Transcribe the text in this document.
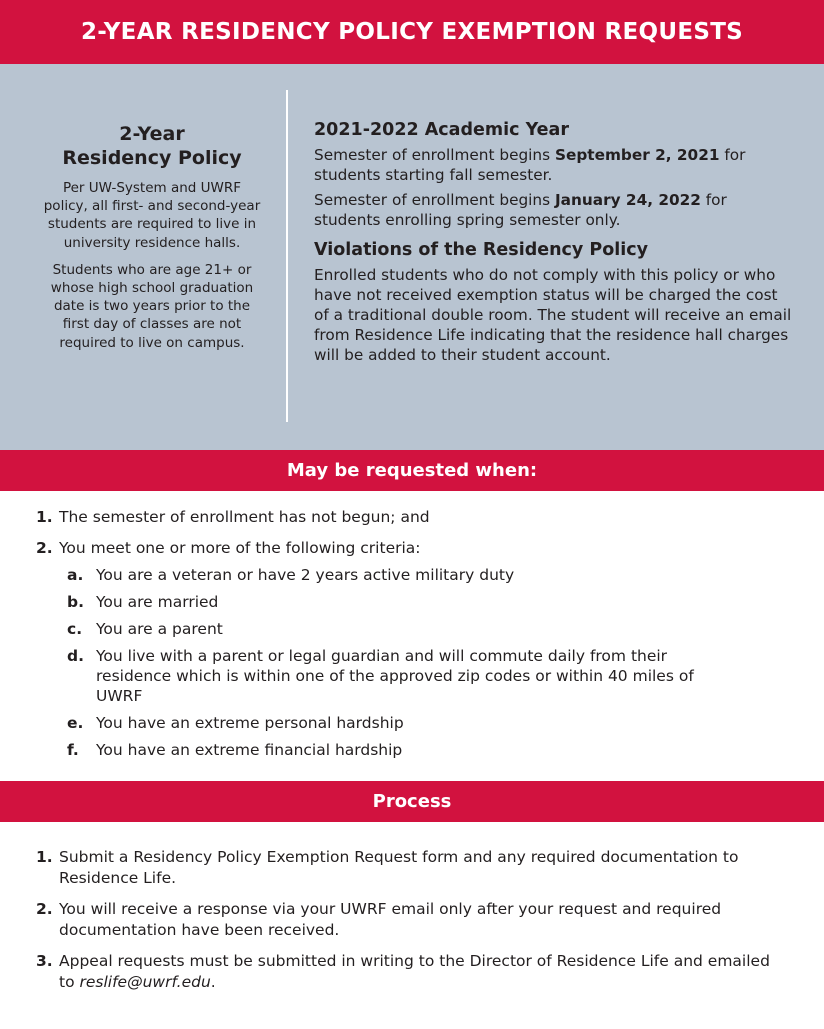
2-YEAR RESIDENCY POLICY EXEMPTION REQUESTS
2-Year
Residency Policy

Per UW-System and UWRF policy, all first- and second-year students are required to live in university residence halls.

Students who are age 21+ or whose high school graduation date is two years prior to the first day of classes are not required to live on campus.

2021-2022 Academic Year

Semester of enrollment begins September 2, 2021 for students starting fall semester.

Semester of enrollment begins January 24, 2022 for students enrolling spring semester only.

Violations of the Residency Policy

Enrolled students who do not comply with this policy or who have not received exemption status will be charged the cost of a traditional double room. The student will receive an email from Residence Life indicating that the residence hall charges will be added to their student account.

May be requested when:
1. The semester of enrollment has not begun; and
2. You meet one or more of the following criteria:
a. You are a veteran or have 2 years active military duty
b. You are married
c. You are a parent
d. You live with a parent or legal guardian and will commute daily from their residence which is within one of the approved zip codes or within 40 miles of UWRF
e. You have an extreme personal hardship
f.	You have an extreme financial hardship
Process
1. Submit a Residency Policy Exemption Request form and any required documentation to Residence Life.
2. You will receive a response via your UWRF email only after your request and required documentation have been received.
3. Appeal requests must be submitted in writing to the Director of Residence Life and emailed to reslife@uwrf.edu.
